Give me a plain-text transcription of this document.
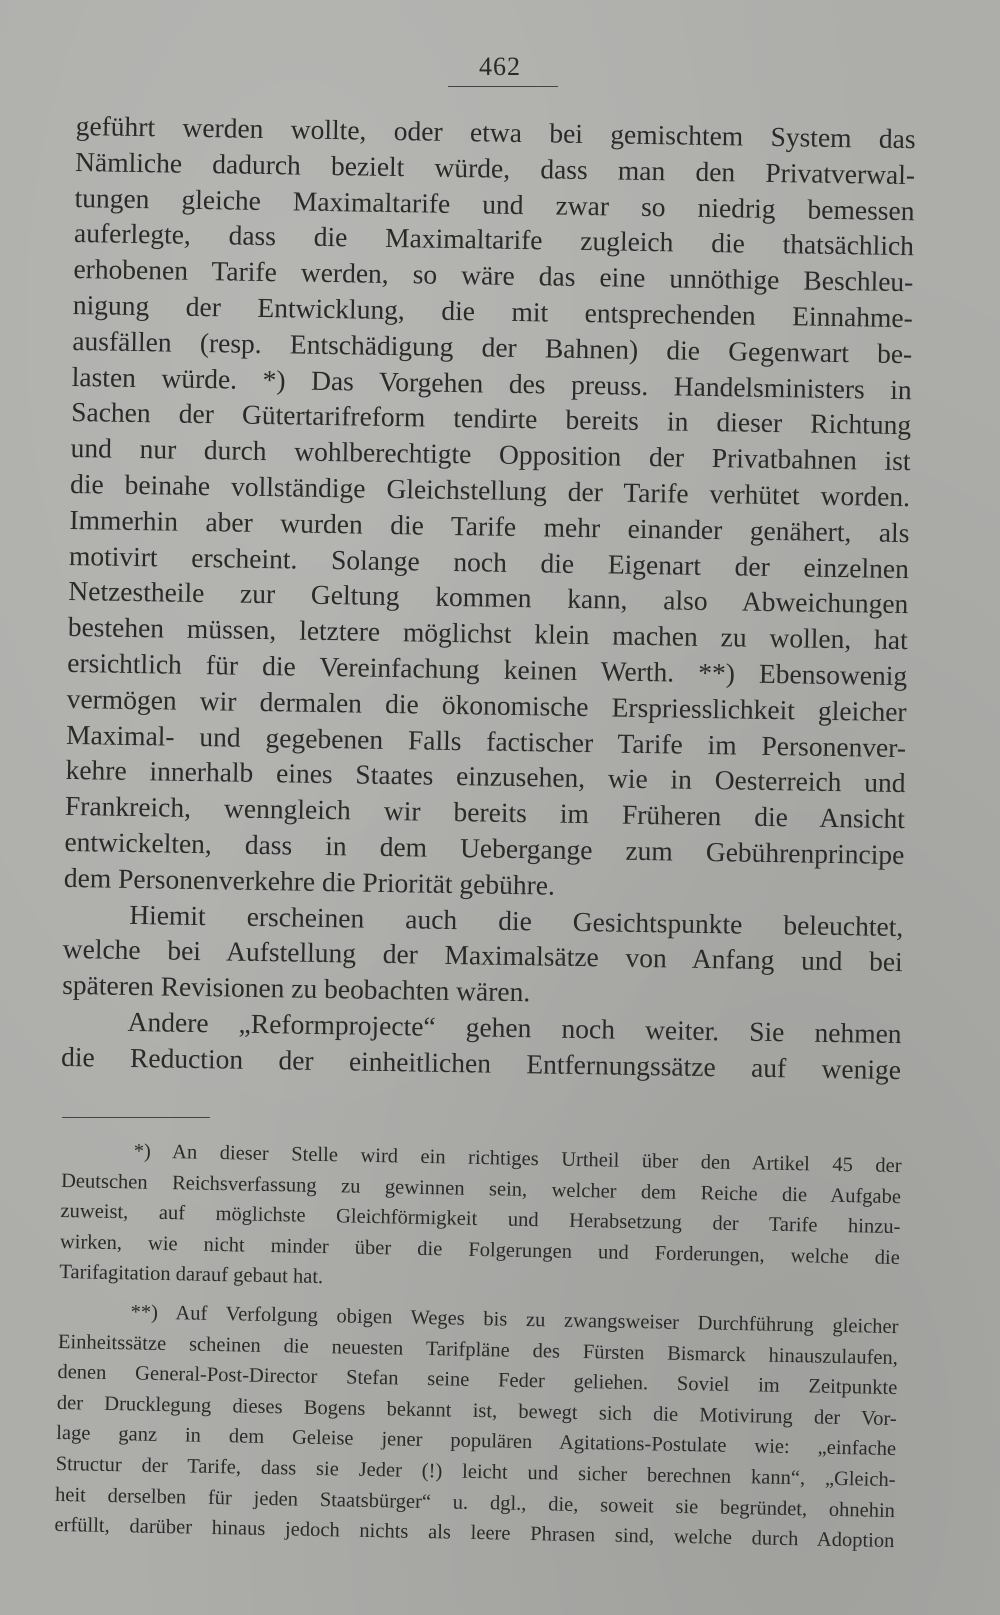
462
geführt werden wollte, oder etwa bei gemischtem System das
Nämliche dadurch bezielt würde, dass man den Privatverwal-
tungen gleiche Maximaltarife und zwar so niedrig bemessen
auferlegte, dass die Maximaltarife zugleich die thatsächlich
erhobenen Tarife werden, so wäre das eine unnöthige Beschleu-
nigung der Entwicklung, die mit entsprechenden Einnahme-
ausfällen (resp. Entschädigung der Bahnen) die Gegenwart be-
lasten würde. *) Das Vorgehen des preuss. Handelsministers in
Sachen der Gütertarifreform tendirte bereits in dieser Richtung
und nur durch wohlberechtigte Opposition der Privatbahnen ist
die beinahe vollständige Gleichstellung der Tarife verhütet worden.
Immerhin aber wurden die Tarife mehr einander genähert, als
motivirt erscheint. Solange noch die Eigenart der einzelnen
Netzestheile zur Geltung kommen kann, also Abweichungen
bestehen müssen, letztere möglichst klein machen zu wollen, hat
ersichtlich für die Vereinfachung keinen Werth. **) Ebensowenig
vermögen wir dermalen die ökonomische Erspriesslichkeit gleicher
Maximal- und gegebenen Falls factischer Tarife im Personenver-
kehre innerhalb eines Staates einzusehen, wie in Oesterreich und
Frankreich, wenngleich wir bereits im Früheren die Ansicht
entwickelten, dass in dem Uebergange zum Gebührenprincipe
dem Personenverkehre die Priorität gebühre.
Hiemit erscheinen auch die Gesichtspunkte beleuchtet,
welche bei Aufstellung der Maximalsätze von Anfang und bei
späteren Revisionen zu beobachten wären.
Andere „Reformprojecte“ gehen noch weiter. Sie nehmen
die Reduction der einheitlichen Entfernungssätze auf wenige
*) An dieser Stelle wird ein richtiges Urtheil über den Artikel 45 der
Deutschen Reichsverfassung zu gewinnen sein, welcher dem Reiche die Aufgabe
zuweist, auf möglichste Gleichförmigkeit und Herabsetzung der Tarife hinzu-
wirken, wie nicht minder über die Folgerungen und Forderungen, welche die
Tarifagitation darauf gebaut hat.
**) Auf Verfolgung obigen Weges bis zu zwangsweiser Durchführung gleicher
Einheitssätze scheinen die neuesten Tarifpläne des Fürsten Bismarck hinauszulaufen,
denen General-Post-Director Stefan seine Feder geliehen. Soviel im Zeitpunkte
der Drucklegung dieses Bogens bekannt ist, bewegt sich die Motivirung der Vor-
lage ganz in dem Geleise jener populären Agitations-Postulate wie: „einfache
Structur der Tarife, dass sie Jeder (!) leicht und sicher berechnen kann“, „Gleich-
heit derselben für jeden Staatsbürger“ u. dgl., die, soweit sie begründet, ohnehin
erfüllt, darüber hinaus jedoch nichts als leere Phrasen sind, welche durch Adoption
